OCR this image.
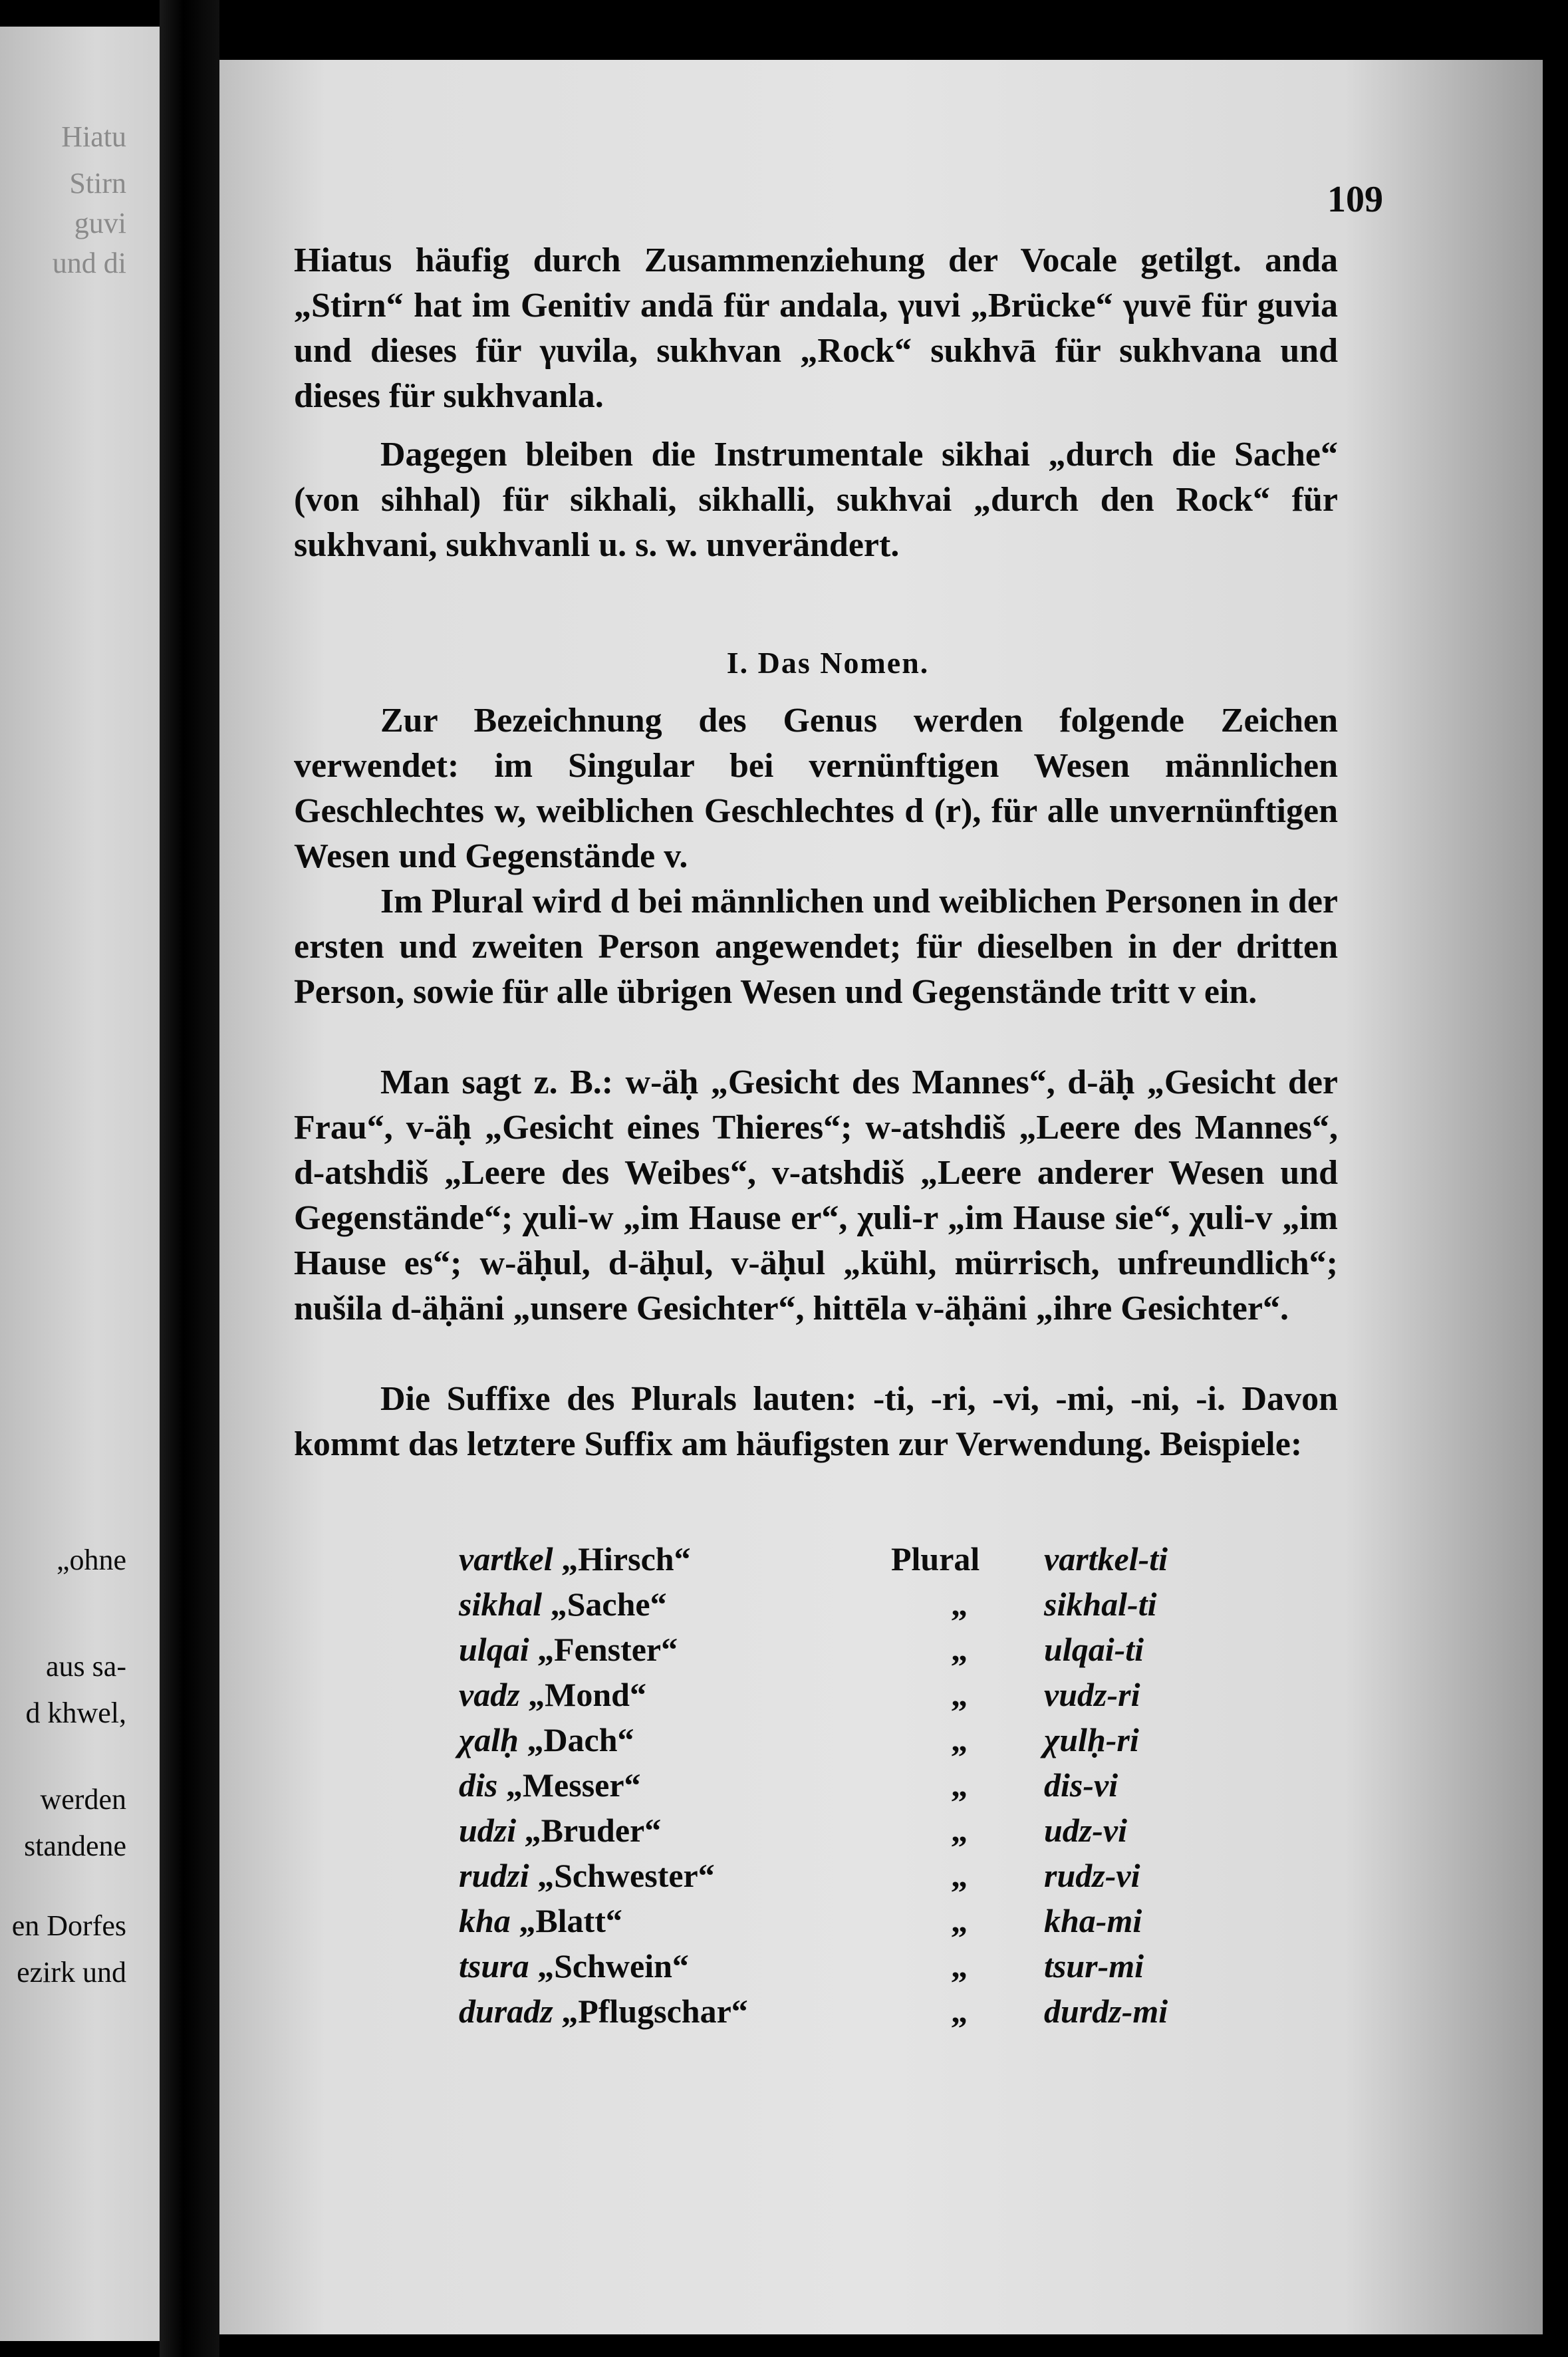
Hiatu
Stirn
guvi
und di
„ohne
aus sa-
d khwel,
werden
standene
en Dorfes
ezirk und
109
Hiatus häufig durch Zusammenziehung der Vocale getilgt. anda „Stirn“ hat im Genitiv andā für andala, γuvi „Brücke“ γuvē für guvia und dieses für γuvila, sukhvan „Rock“ sukhvā für sukhvana und dieses für sukhvanla.
Dagegen bleiben die Instrumentale sikhai „durch die Sache“ (von sihhal) für sikhali, sikhalli, sukhvai „durch den Rock“ für sukhvani, sukhvanli u. s. w. unverändert.
I. Das Nomen.
Zur Bezeichnung des Genus werden folgende Zeichen verwendet: im Singular bei vernünftigen Wesen männlichen Geschlechtes w, weiblichen Geschlechtes d (r), für alle unvernünftigen Wesen und Gegenstände v.
Im Plural wird d bei männlichen und weiblichen Personen in der ersten und zweiten Person angewendet; für dieselben in der dritten Person, sowie für alle übrigen Wesen und Gegenstände tritt v ein.
Man sagt z. B.: w-äḥ „Gesicht des Mannes“, d-äḥ „Gesicht der Frau“, v-äḥ „Gesicht eines Thieres“; w-atshdiš „Leere des Mannes“, d-atshdiš „Leere des Weibes“, v-atshdiš „Leere anderer Wesen und Gegenstände“; χuli-w „im Hause er“, χuli-r „im Hause sie“, χuli-v „im Hause es“; w-äḥul, d-äḥul, v-äḥul „kühl, mürrisch, unfreundlich“; nušila d-äḥäni „unsere Gesichter“, hittēla v-äḥäni „ihre Gesichter“.
Die Suffixe des Plurals lauten: -ti, -ri, -vi, -mi, -ni, -i. Davon kommt das letztere Suffix am häufigsten zur Verwendung. Beispiele:
vartkel „Hirsch“	Plural	vartkel-ti
sikhal „Sache“	„	sikhal-ti
ulqai „Fenster“	„	ulqai-ti
vadz „Mond“	„	vudz-ri
χalḥ „Dach“	„	χulḥ-ri
dis „Messer“	„	dis-vi
udzi „Bruder“	„	udz-vi
rudzi „Schwester“	„	rudz-vi
kha „Blatt“	„	kha-mi
tsura „Schwein“	„	tsur-mi
duradz „Pflugschar“	„	durdz-mi
